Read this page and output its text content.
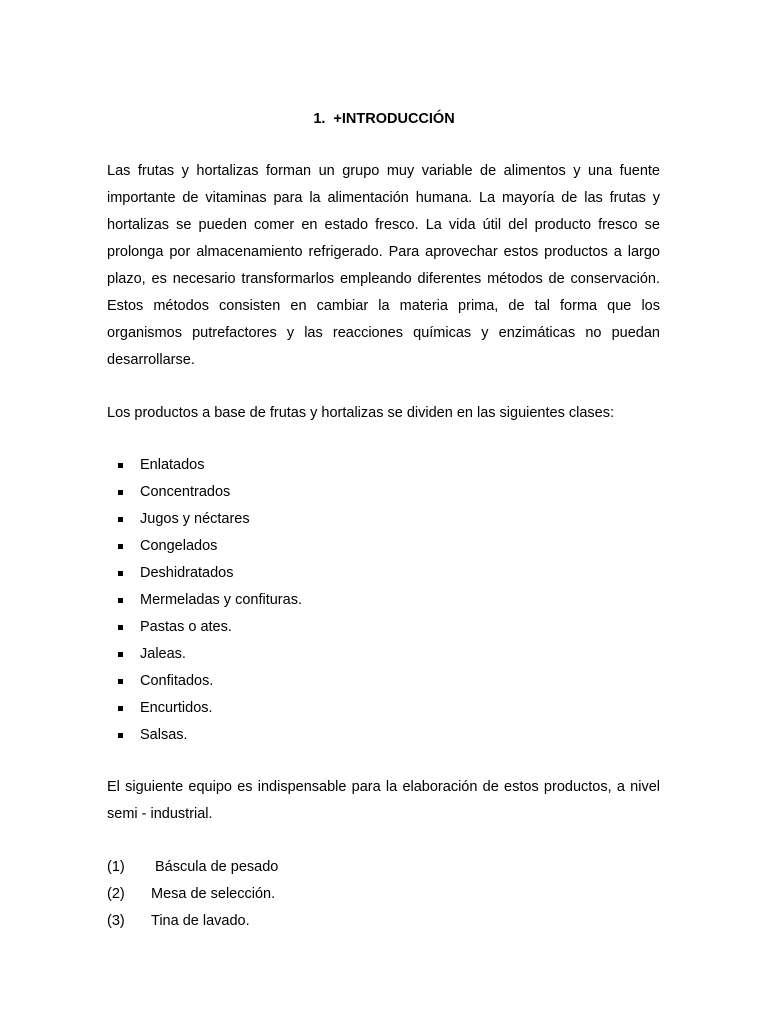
1. +INTRODUCCIÓN

Las frutas y hortalizas forman un grupo muy variable de alimentos y una fuente importante de vitaminas para la alimentación humana. La mayoría de las frutas y hortalizas se pueden comer en estado fresco. La vida útil del producto fresco se prolonga por almacenamiento refrigerado. Para aprovechar estos productos a largo plazo, es necesario transformarlos empleando diferentes métodos de conservación. Estos métodos consisten en cambiar la materia prima, de tal forma que los organismos putrefactores y las reacciones químicas y enzimáticas no puedan desarrollarse.

Los productos a base de frutas y hortalizas se dividen en las siguientes clases:

Enlatados
Concentrados
Jugos y néctares
Congelados
Deshidratados
Mermeladas y confituras.
Pastas o ates.
Jaleas.
Confitados.
Encurtidos.
Salsas.

El siguiente equipo es indispensable para la elaboración de estos productos, a nivel semi - industrial.

(1) Báscula de pesado
(2) Mesa de selección.
(3) Tina de lavado.
